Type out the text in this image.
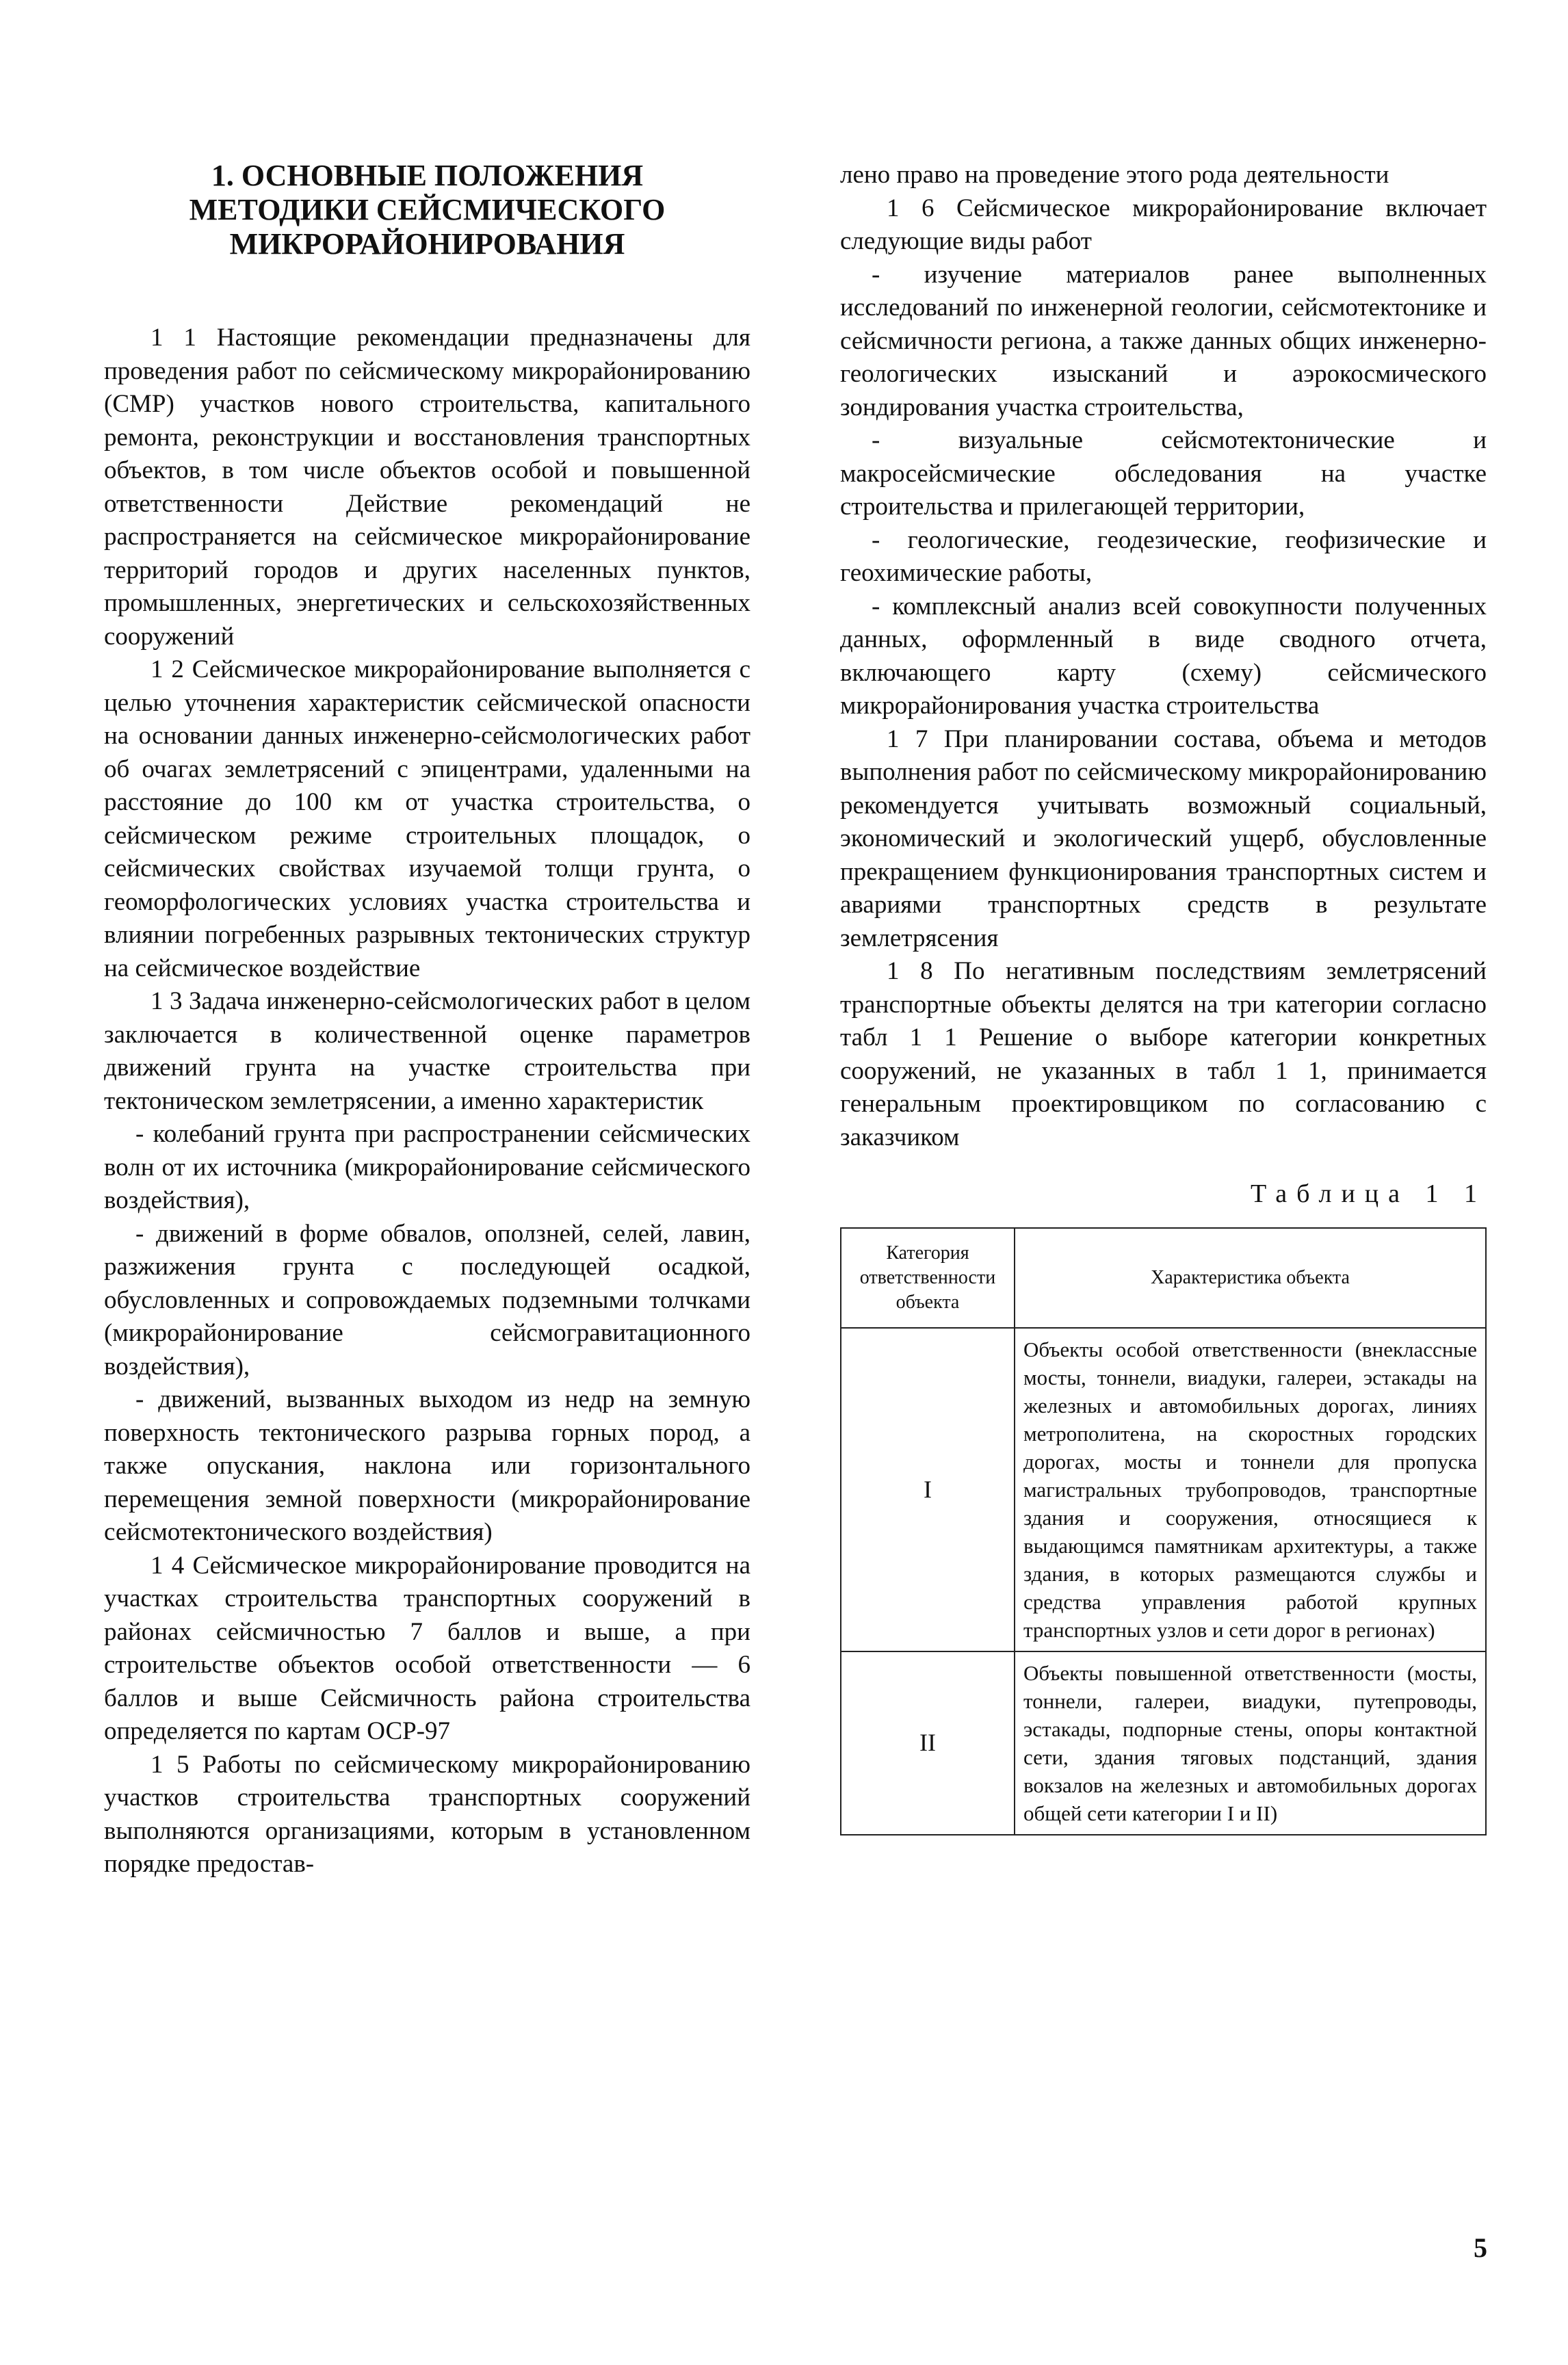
1. ОСНОВНЫЕ ПОЛОЖЕНИЯ
МЕТОДИКИ СЕЙСМИЧЕСКОГО
МИКРОРАЙОНИРОВАНИЯ

1 1 Настоящие рекомендации предназначены для проведения работ по сейсмическому микрорайонированию (СМР) участков нового строительства, капитального ремонта, реконструкции и восстановления транспортных объектов, в том числе объектов особой и повышенной ответственности Действие рекомендаций не распространяется на сейсмическое микрорайонирование территорий городов и других населенных пунктов, промышленных, энергетических и сельскохозяйственных сооружений

1 2 Сейсмическое микрорайонирование выполняется с целью уточнения характеристик сейсмической опасности на основании данных инженерно-сейсмологических работ об очагах землетрясений с эпицентрами, удаленными на расстояние до 100 км от участка строительства, о сейсмическом режиме строительных площадок, о сейсмических свойствах изучаемой толщи грунта, о геоморфологических условиях участка строительства и влиянии погребенных разрывных тектонических структур на сейсмическое воздействие

1 3 Задача инженерно-сейсмологических работ в целом заключается в количественной оценке параметров движений грунта на участке строительства при тектоническом землетрясении, а именно характеристик

- колебаний грунта при распространении сейсмических волн от их источника (микрорайонирование сейсмического воздействия),

- движений в форме обвалов, оползней, селей, лавин, разжижения грунта с последующей осадкой, обусловленных и сопровождаемых подземными толчками (микрорайонирование сейсмогравитационного воздействия),

- движений, вызванных выходом из недр на земную поверхность тектонического разрыва горных пород, а также опускания, наклона или горизонтального перемещения земной поверхности (микрорайонирование сейсмотектонического воздействия)

1 4 Сейсмическое микрорайонирование проводится на участках строительства транспортных сооружений в районах сейсмичностью 7 баллов и выше, а при строительстве объектов особой ответственности — 6 баллов и выше Сейсмичность района строительства определяется по картам ОСР-97

1 5 Работы по сейсмическому микрорайонированию участков строительства транспортных сооружений выполняются организациями, которым в установленном порядке предостав-

лено право на проведение этого рода деятельности

1 6 Сейсмическое микрорайонирование включает следующие виды работ

- изучение материалов ранее выполненных исследований по инженерной геологии, сейсмотектонике и сейсмичности региона, а также данных общих инженерно-геологических изысканий и аэрокосмического зондирования участка строительства,

- визуальные сейсмотектонические и макросейсмические обследования на участке строительства и прилегающей территории,

- геологические, геодезические, геофизические и геохимические работы,

- комплексный анализ всей совокупности полученных данных, оформленный в виде сводного отчета, включающего карту (схему) сейсмического микрорайонирования участка строительства

1 7 При планировании состава, объема и методов выполнения работ по сейсмическому микрорайонированию рекомендуется учитывать возможный социальный, экономический и экологический ущерб, обусловленные прекращением функционирования транспортных систем и авариями транспортных средств в результате землетрясения

1 8 По негативным последствиям землетрясений транспортные объекты делятся на три категории согласно табл 1 1 Решение о выборе категории конкретных сооружений, не указанных в табл 1 1, принимается генеральным проектировщиком по согласованию с заказчиком

Таблица 1 1
Категория ответственности объекта	Характеристика объекта
I	Объекты особой ответственности (внеклассные мосты, тоннели, виадуки, галереи, эстакады на железных и автомобильных дорогах, линиях метрополитена, на скоростных городских дорогах, мосты и тоннели для пропуска магистральных трубопроводов, транспортные здания и сооружения, относящиеся к выдающимся памятникам архитектуры, а также здания, в которых размещаются службы и средства управления работой крупных транспортных узлов и сети дорог в регионах)
II	Объекты повышенной ответственности (мосты, тоннели, галереи, виадуки, путепроводы, эстакады, подпорные стены, опоры контактной сети, здания тяговых подстанций, здания вокзалов на железных и автомобильных дорогах общей сети категории I и II)
5
